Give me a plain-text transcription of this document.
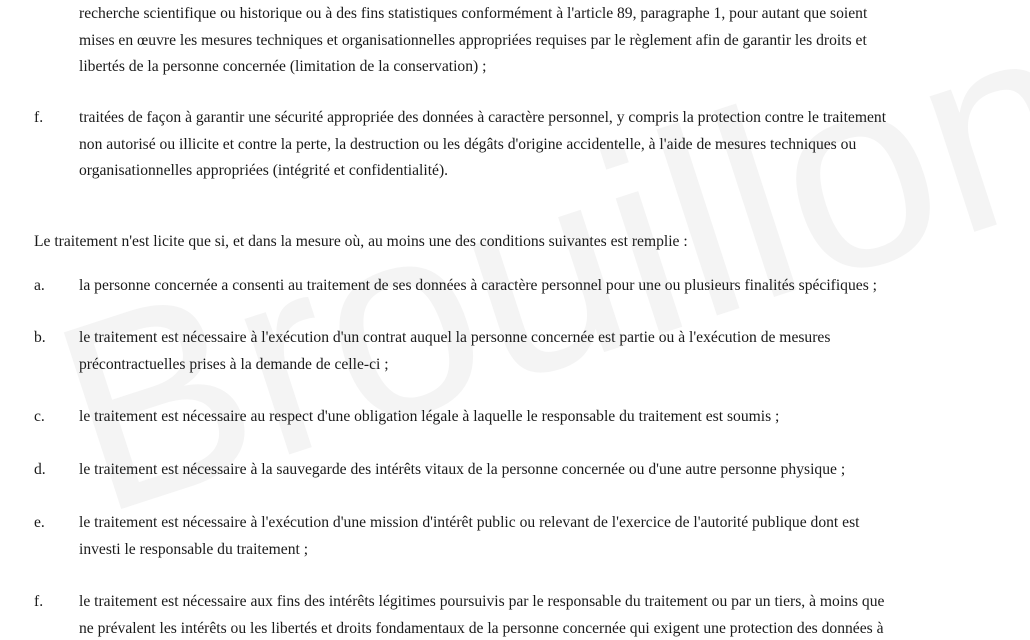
recherche scientifique ou historique ou à des fins statistiques conformément à l'article 89, paragraphe 1, pour autant que soient
mises en œuvre les mesures techniques et organisationnelles appropriées requises par le règlement afin de garantir les droits et
libertés de la personne concernée (limitation de la conservation) ;
f. traitées de façon à garantir une sécurité appropriée des données à caractère personnel, y compris la protection contre le traitement
non autorisé ou illicite et contre la perte, la destruction ou les dégâts d'origine accidentelle, à l'aide de mesures techniques ou
organisationnelles appropriées (intégrité et confidentialité).
Le traitement n'est licite que si, et dans la mesure où, au moins une des conditions suivantes est remplie :
a. la personne concernée a consenti au traitement de ses données à caractère personnel pour une ou plusieurs finalités spécifiques ;
b. le traitement est nécessaire à l'exécution d'un contrat auquel la personne concernée est partie ou à l'exécution de mesures
précontractuelles prises à la demande de celle-ci ;
c. le traitement est nécessaire au respect d'une obligation légale à laquelle le responsable du traitement est soumis ;
d. le traitement est nécessaire à la sauvegarde des intérêts vitaux de la personne concernée ou d'une autre personne physique ;
e. le traitement est nécessaire à l'exécution d'une mission d'intérêt public ou relevant de l'exercice de l'autorité publique dont est
investi le responsable du traitement ;
f. le traitement est nécessaire aux fins des intérêts légitimes poursuivis par le responsable du traitement ou par un tiers, à moins que
ne prévalent les intérêts ou les libertés et droits fondamentaux de la personne concernée qui exigent une protection des données à
